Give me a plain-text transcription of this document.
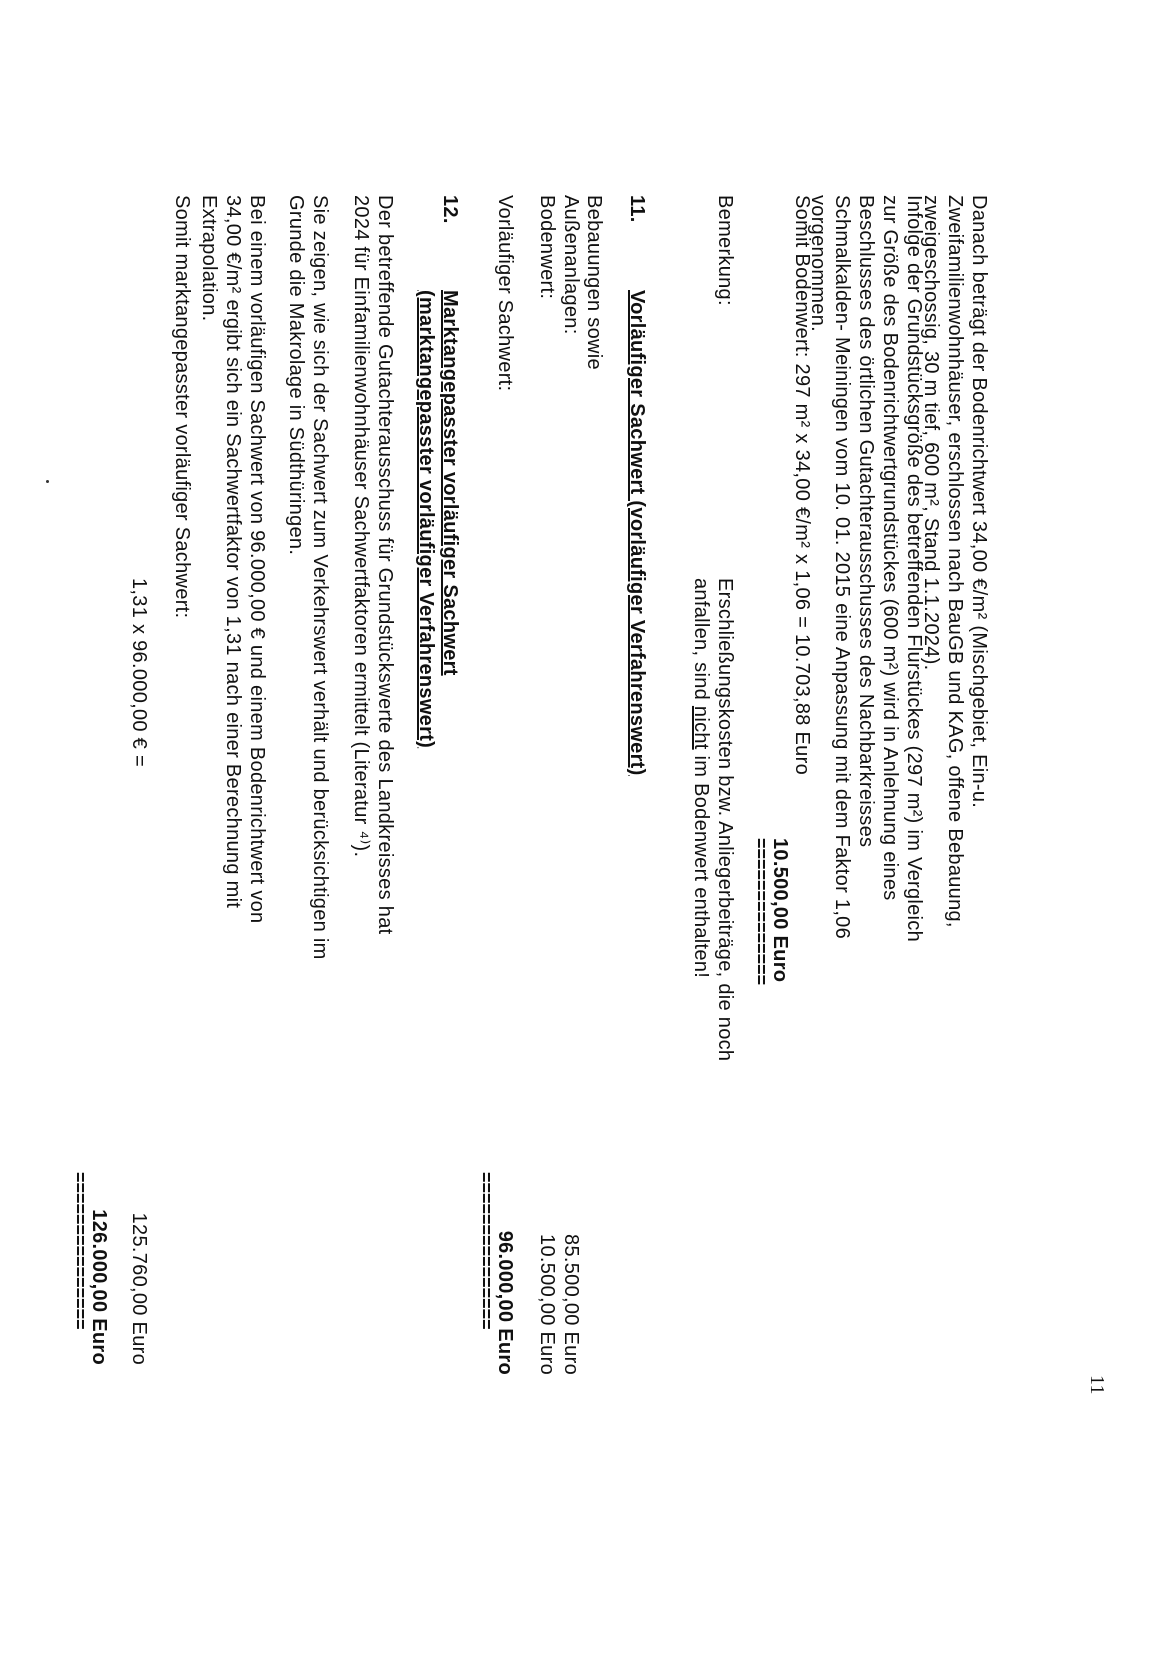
11
Danach beträgt der Bodenrichtwert 34,00 €/m² (Mischgebiet, Ein-u.
Zweifamilienwohnhäuser, erschlossen nach BauGB und KAG, offene Bebauung,
zweigeschossig, 30 m tief, 600 m², Stand 1.1.2024).
Infolge der Grundstücksgröße des betreffenden Flurstückes (297 m²) im Vergleich
zur Größe des Bodenrichtwertgrundstückes (600 m²) wird in Anlehnung eines
Beschlusses des örtlichen Gutachterausschusses des Nachbarkreisses
Schmalkalden- Meiningen vom 10. 01. 2015 eine Anpassung mit dem Faktor 1,06
vorgenommen.
Somit Bodenwert: 297 m² x 34,00 €/m² x 1,06 = 10.703,88 Euro
10.500,00 Euro
==============
Bemerkung:
Erschließungskosten bzw. Anliegerbeiträge, die noch
anfallen, sind nicht im Bodenwert enthalten!
11.
Vorläufiger Sachwert (vorläufiger Verfahrenswert)
Bebauungen sowie
Außenanlagen:
85.500,00 Euro
Bodenwert:
10.500,00 Euro
Vorläufiger Sachwert:
96.000,00 Euro
===============
12.
Marktangepasster vorläufiger Sachwert
(marktangepasster vorläufiger Verfahrenswert)
Der betreffende Gutachterausschuss für Grundstückswerte des Landkreisses hat
2024 für Einfamilienwohnhäuser Sachwertfaktoren ermittelt (Literatur ⁴⁾).
Sie zeigen, wie sich der Sachwert zum Verkehrswert verhält und berücksichtigen im
Grunde die Makrolage in Südthüringen.
Bei einem vorläufigen Sachwert von 96.000,00 € und einem Bodenrichtwert von
34,00 €/m² ergibt sich ein Sachwertfaktor von 1,31 nach einer Berechnung mit
Extrapolation.
Somit marktangepasster vorläufiger Sachwert:
1,31 x 96.000,00 € =
125.760,00 Euro
126.000,00 Euro
===============
